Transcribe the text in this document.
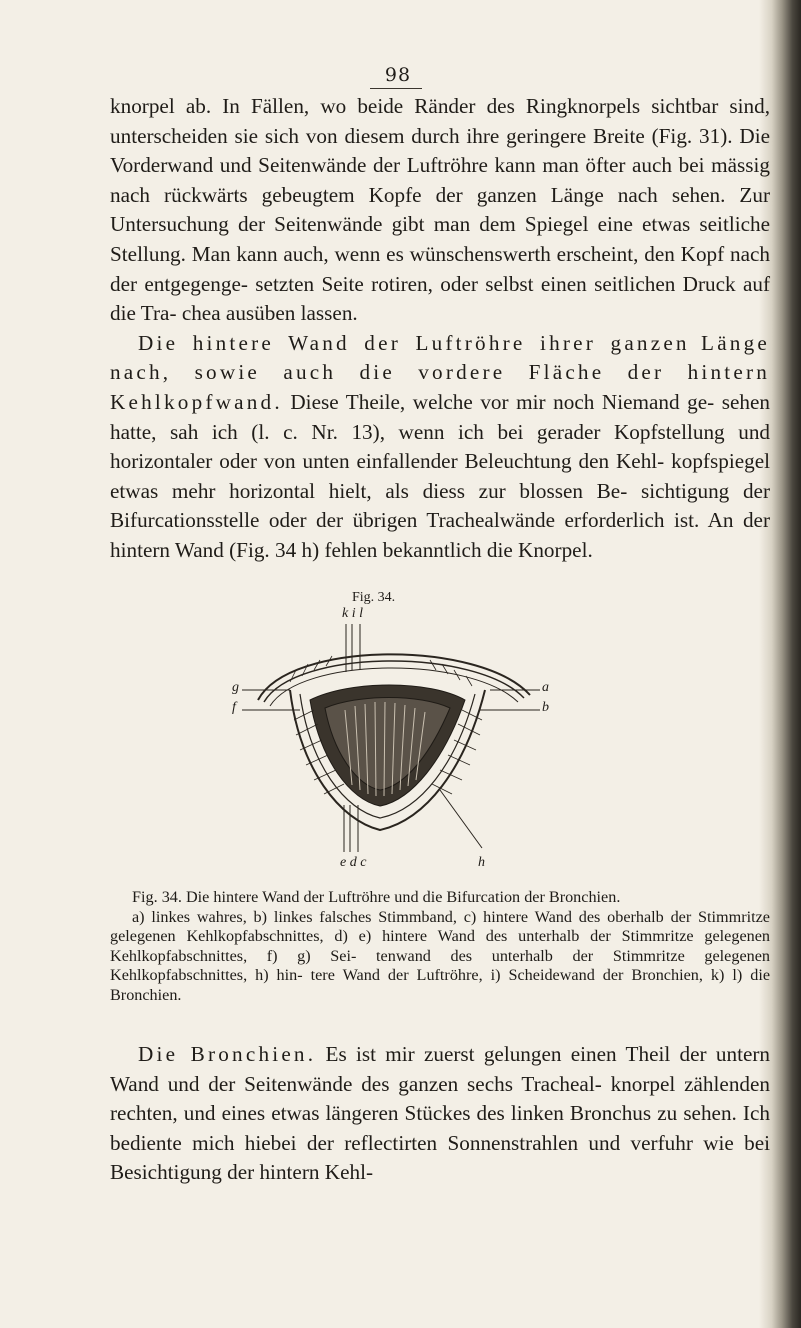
98

knorpel ab. In Fällen, wo beide Ränder des Ringknorpels sichtbar sind, unterscheiden sie sich von diesem durch ihre geringere Breite (Fig. 31). Die Vorderwand und Seitenwände der Luftröhre kann man öfter auch bei mässig nach rückwärts gebeugtem Kopfe der ganzen Länge nach sehen. Zur Untersuchung der Seitenwände gibt man dem Spiegel eine etwas seitliche Stellung. Man kann auch, wenn es wünschenswerth erscheint, den Kopf nach der entgegenge- setzten Seite rotiren, oder selbst einen seitlichen Druck auf die Tra- chea ausüben lassen.

Die hintere Wand der Luftröhre ihrer ganzen Länge nach, sowie auch die vordere Fläche der hintern Kehlkopfwand. Diese Theile, welche vor mir noch Niemand ge- sehen hatte, sah ich (l. c. Nr. 13), wenn ich bei gerader Kopfstellung und horizontaler oder von unten einfallender Beleuchtung den Kehl- kopfspiegel etwas mehr horizontal hielt, als diess zur blossen Be- sichtigung der Bifurcationsstelle oder der übrigen Trachealwände erforderlich ist. An der hintern Wand (Fig. 34 h) fehlen bekanntlich die Knorpel.

Fig. 34.
k i l
g
f
a
b
e d c	h

Fig. 34. Die hintere Wand der Luftröhre und die Bifurcation der Bronchien.

a) linkes wahres, b) linkes falsches Stimmband, c) hintere Wand des oberhalb der Stimmritze gelegenen Kehlkopfabschnittes, d) e) hintere Wand des unterhalb der Stimmritze gelegenen Kehlkopfabschnittes, f) g) Sei- tenwand des unterhalb der Stimmritze gelegenen Kehlkopfabschnittes, h) hin- tere Wand der Luftröhre, i) Scheidewand der Bronchien, k) l) die Bronchien.

Die Bronchien. Es ist mir zuerst gelungen einen Theil der untern Wand und der Seitenwände des ganzen sechs Tracheal- knorpel zählenden rechten, und eines etwas längeren Stückes des linken Bronchus zu sehen. Ich bediente mich hiebei der reflectirten Sonnenstrahlen und verfuhr wie bei Besichtigung der hintern Kehl-
